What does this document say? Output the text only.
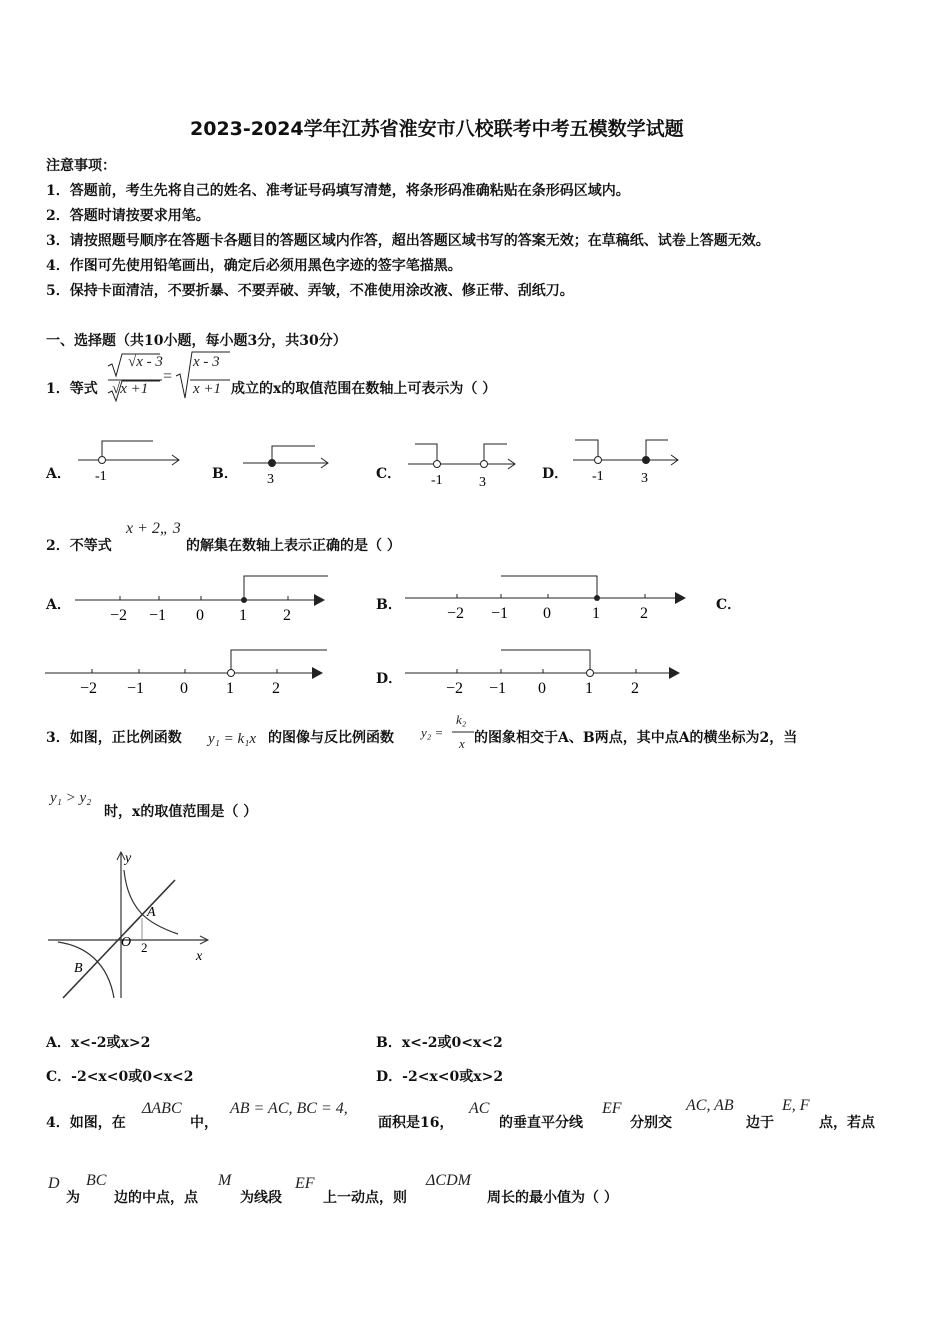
2023-2024学年江苏省淮安市八校联考中考五模数学试题
注意事项：
1．答题前，考生先将自己的姓名、准考证号码填写清楚，将条形码准确粘贴在条形码区域内。
2．答题时请按要求用笔。
3．请按照题号顺序在答题卡各题目的答题区域内作答，超出答题区域书写的答案无效；在草稿纸、试卷上答题无效。
4．作图可先使用铅笔画出，确定后必须用黑色字迹的签字笔描黑。
5．保持卡面清洁，不要折暴、不要弄破、弄皱，不准使用涂改液、修正带、刮纸刀。
一、选择题（共10小题，每小题3分，共30分）
1．等式
√x - 3
√x +1
=
x - 3
x +1 成立的x的取值范围在数轴上可表示为（ ）
A． -1	B． 3	C． -1	3
D． -1	3
2．不等式
x + 2„ 3
的解集在数轴上表示正确的是（ ）
A．
−2 −1 0 1 2
B．	−2 −1 0	1	2	C．
−2 −1 0 1 2
D．
−2 −1 0 1 2
3．如图，正比例函数 y₁ = k₁x 的图像与反比例函数 y₂ =
k₂
x 的图象相交于A、B两点，其中点A的横坐标为2，当
y₁ > y₂
时，x的取值范围是（ ）
y
x
O
A
B
2
A．x<-2或x>2	B．x<-2或0<x<2
C．-2<x<0或0<x<2	D．-2<x<0或x>2
4．如图，在
ΔABC
中，
AB = AC, BC = 4,
面积是16，
AC
的垂直平分线
EF
分别交
AC, AB
边于
E, F
点，若点
D
为
BC
边的中点，点
M
为线段
EF
上一动点，则
ΔCDM
周长的最小值为（ ）
